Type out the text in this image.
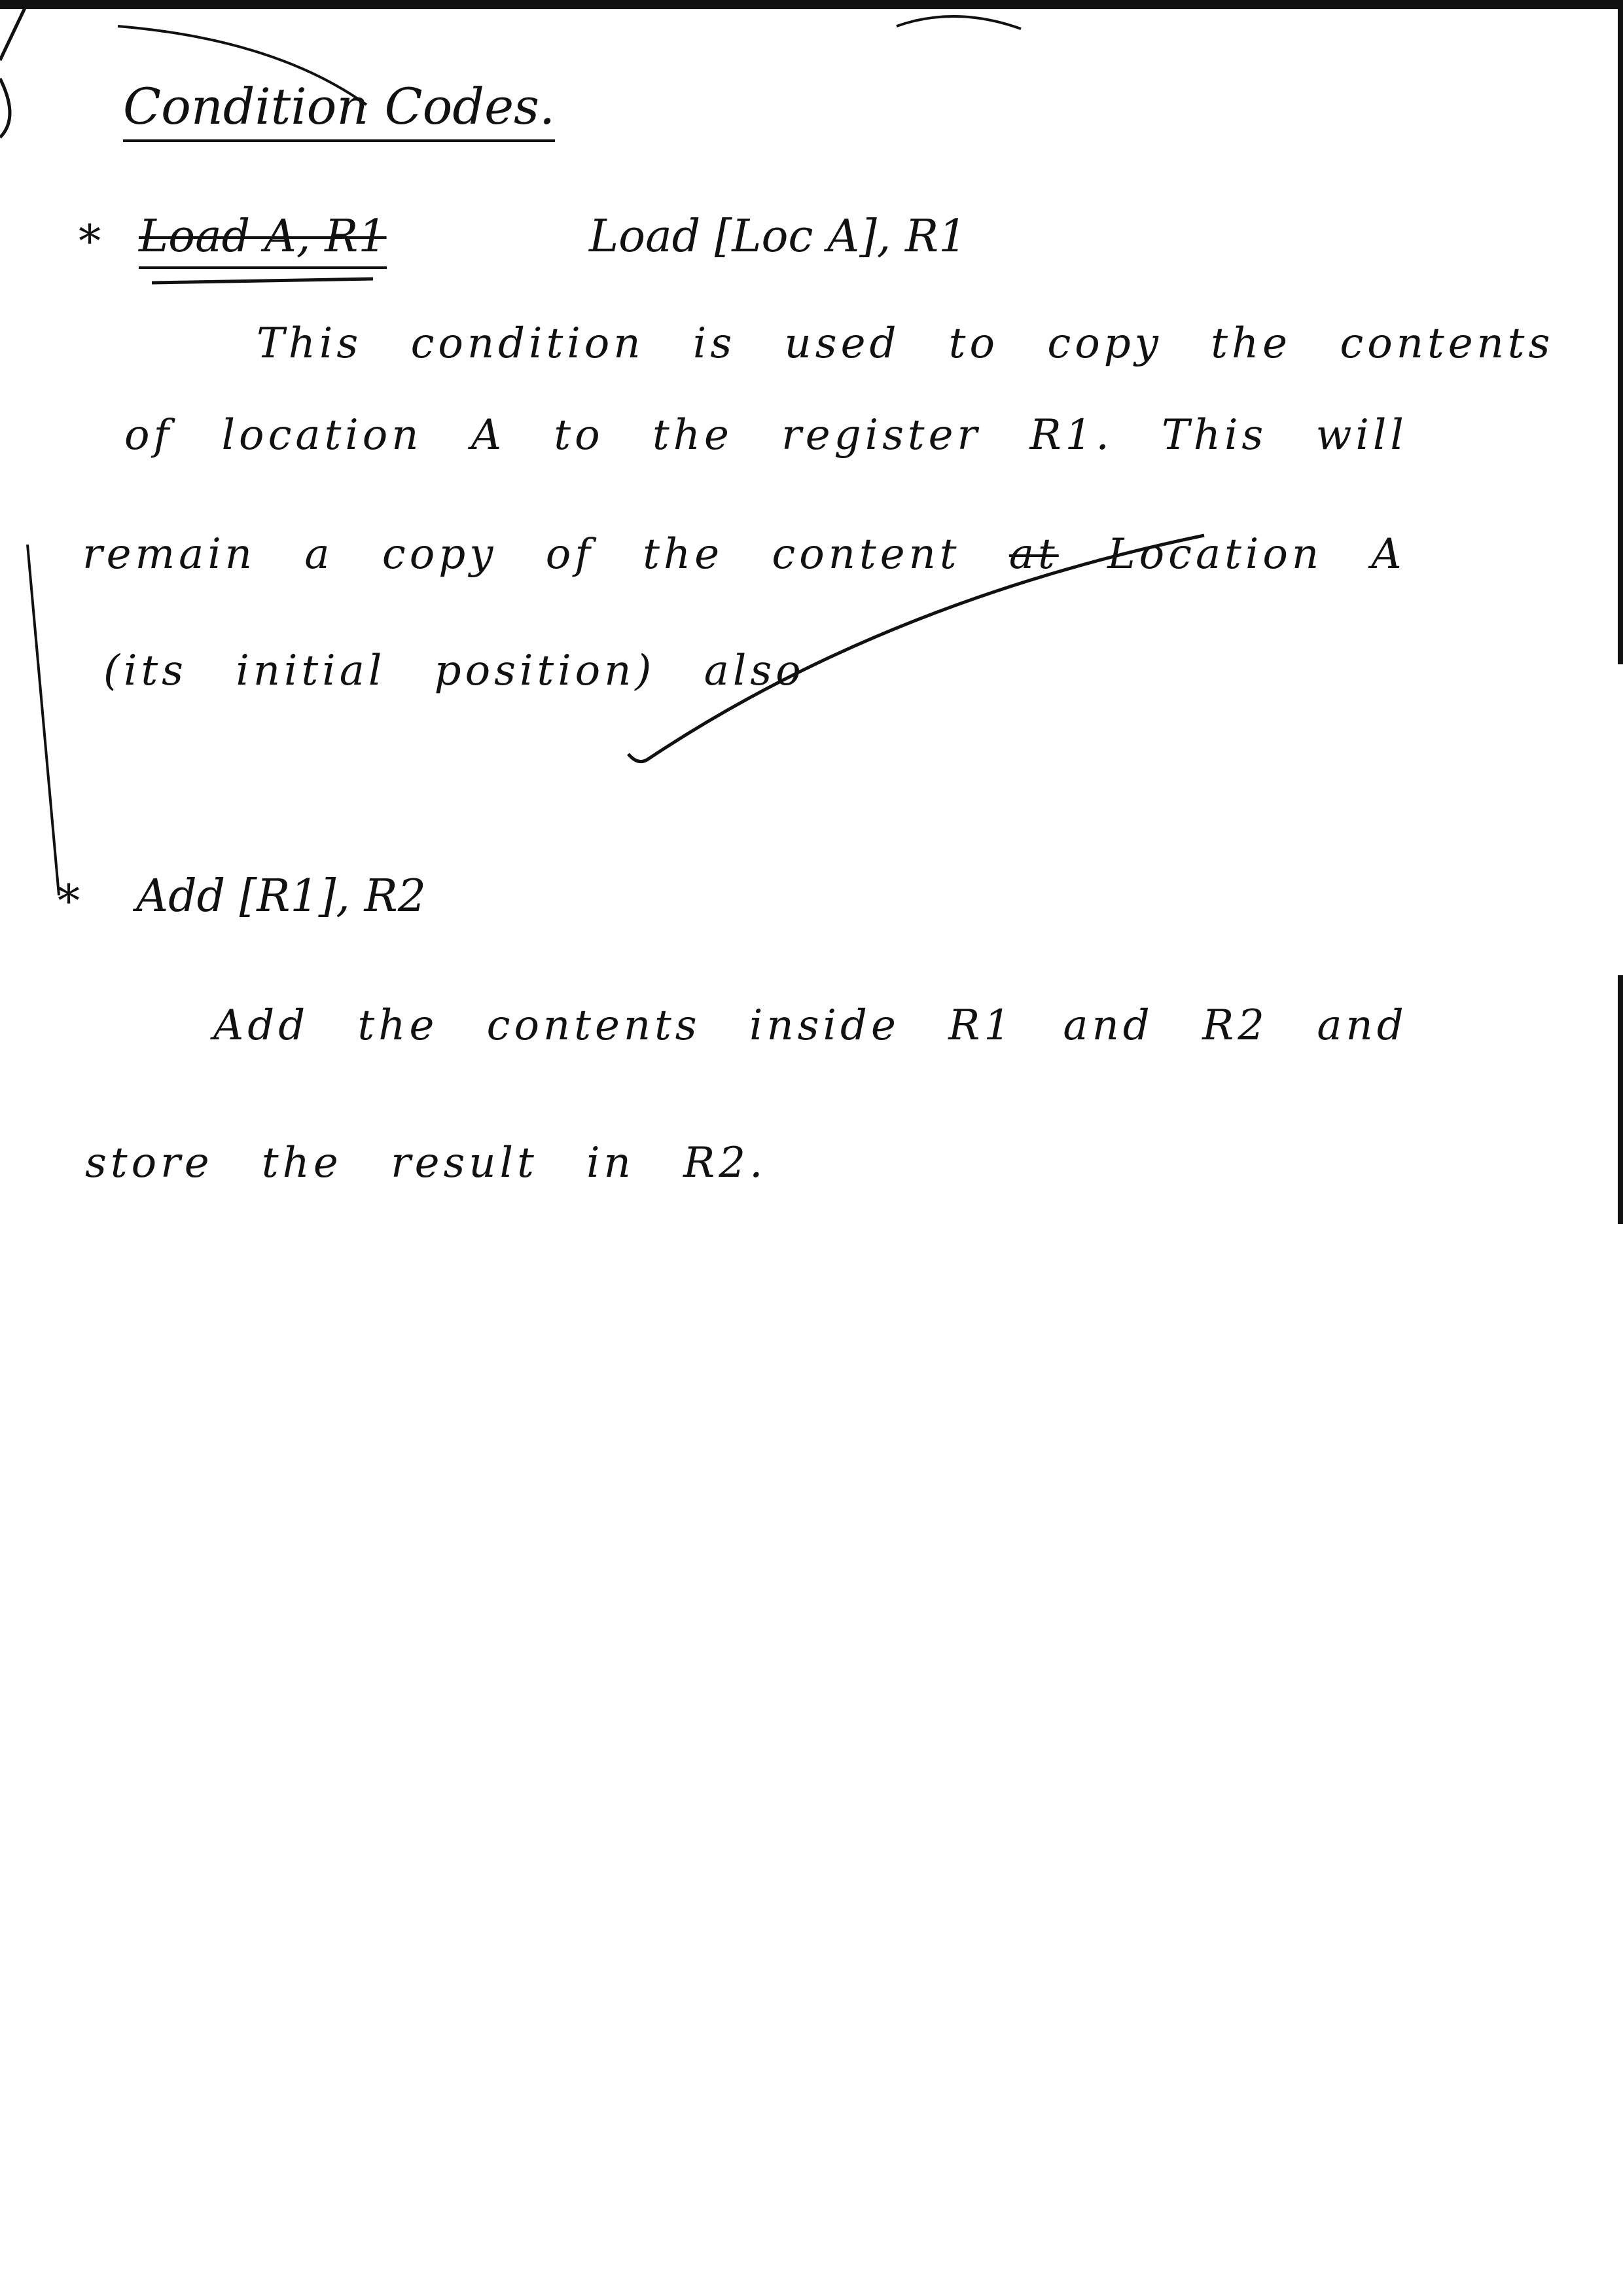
Condition Codes.
* Load A, R1	Load [Loc A], R1
This condition is used to copy the contents
of location A to the register R1. This will
remain a copy of the content at Location A
(its initial position) also
* Add [R1], R2
Add the contents inside R1 and R2 and
store the result in R2.
